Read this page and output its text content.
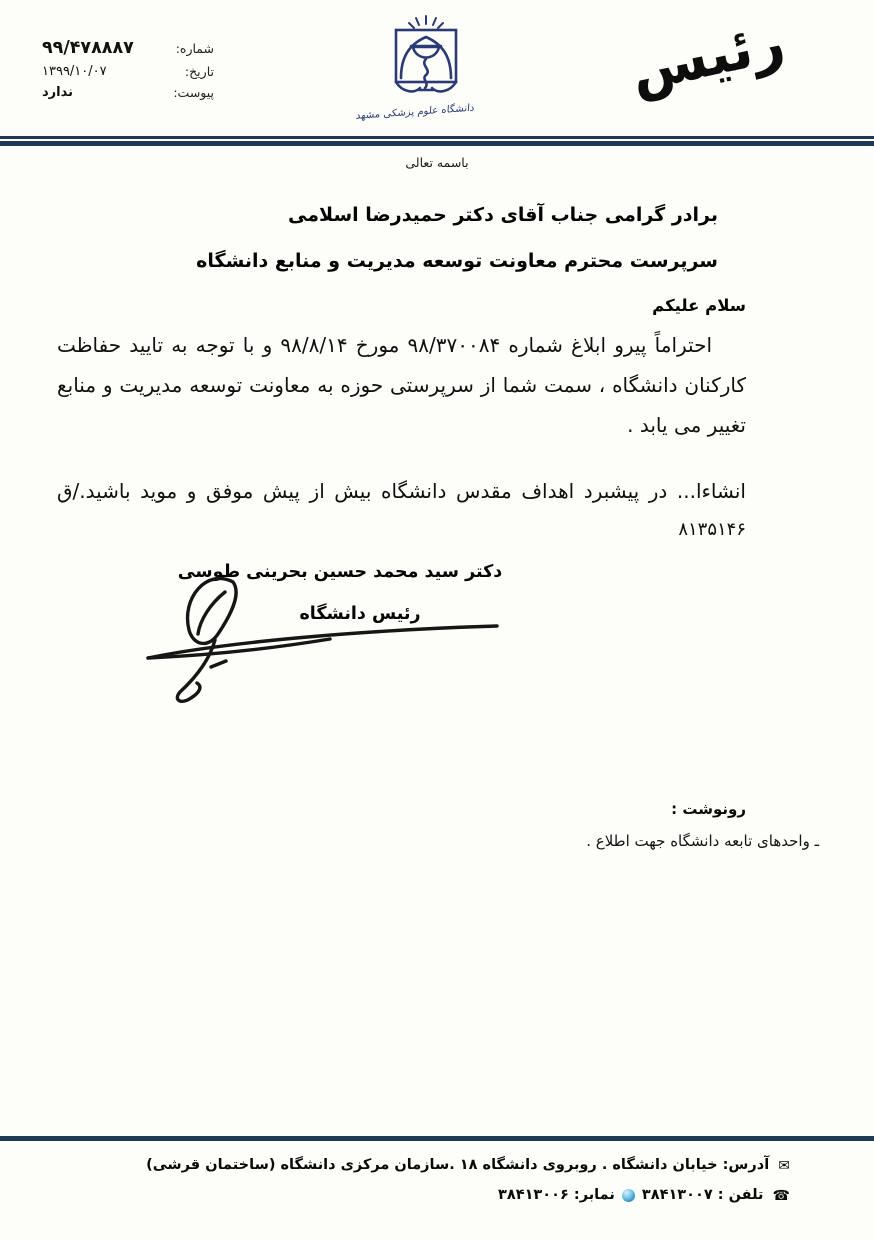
شماره:
۹۹/۴۷۸۸۸۷
تاریخ:
۱۳۹۹/۱۰/۰۷
پیوست:
ندارد
دانشگاه علوم پزشکی مشهد
رئیس
باسمه تعالی
برادر گرامی جناب آقای دکتر حمیدرضا اسلامی
سرپرست محترم معاونت توسعه مدیریت و منابع دانشگاه
سلام علیکم
احتراماً پیرو ابلاغ شماره ۹۸/۳۷۰۰۸۴ مورخ ۹۸/۸/۱۴ و با توجه به تایید حفاظت کارکنان دانشگاه ، سمت شما از سرپرستی حوزه به معاونت توسعه مدیریت و منابع تغییر می یابد .
انشاءا... در پیشبرد اهداف مقدس دانشگاه بیش از پیش موفق و موید باشید./ق
۸۱۳۵۱۴۶
دکتر سید محمد حسین بحرینی طوسی
رئیس دانشگاه
رونوشت :
ـ واحدهای تابعه دانشگاه جهت اطلاع .
✉ آدرس: خیابان دانشگاه . روبروی دانشگاه ۱۸ .سازمان مرکزی دانشگاه (ساختمان قرشی)
☎ تلفن : ۳۸۴۱۳۰۰۷  نمابر: ۳۸۴۱۳۰۰۶
